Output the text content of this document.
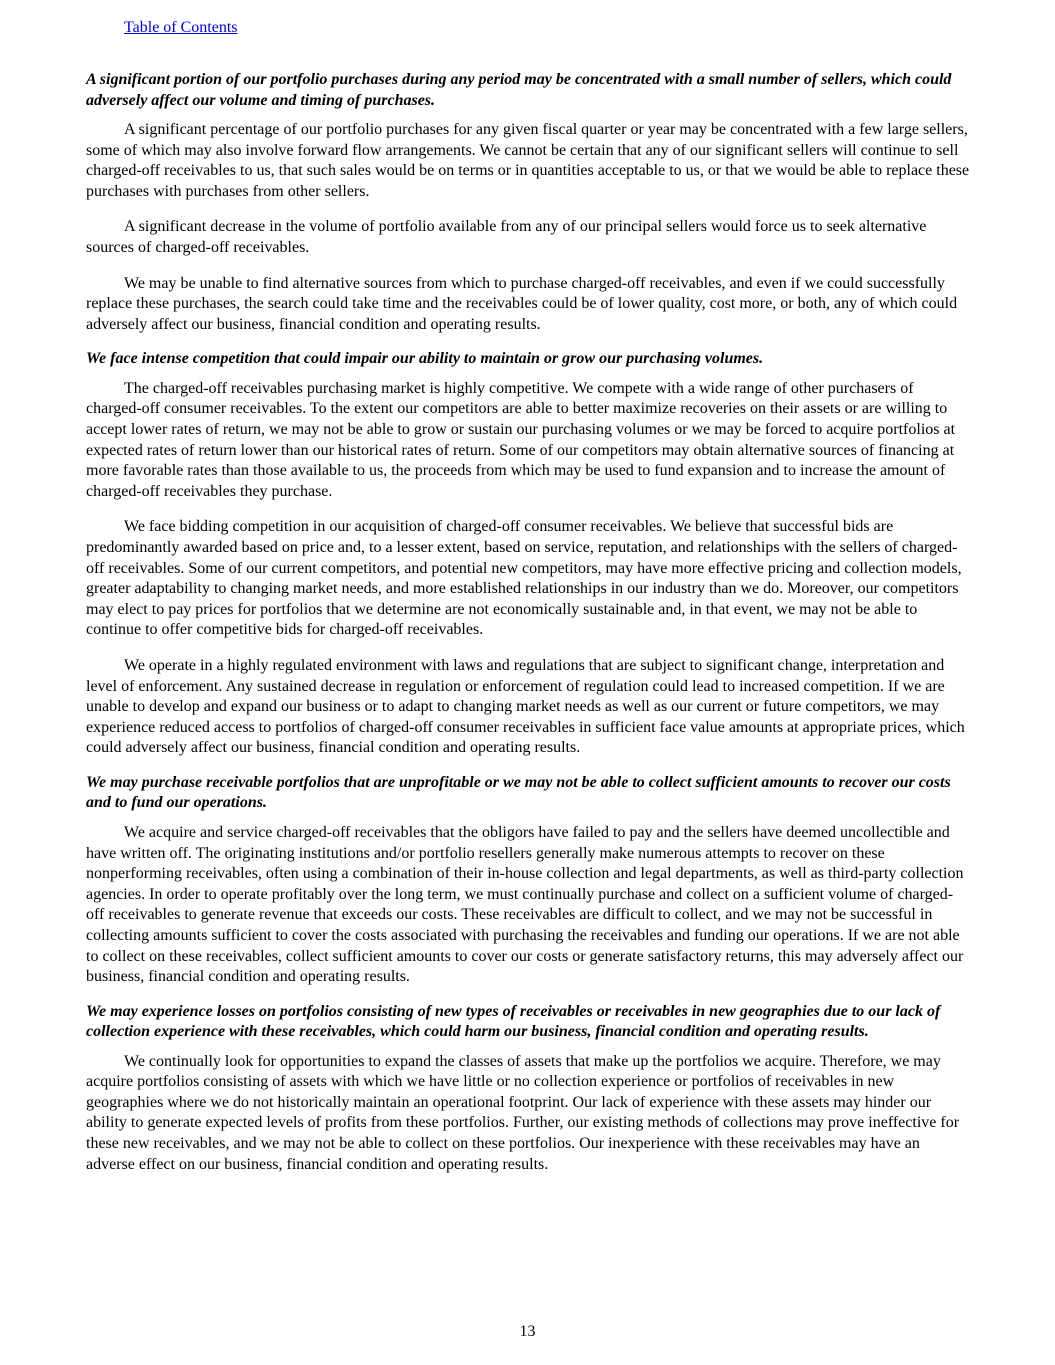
Table of Contents

A significant portion of our portfolio purchases during any period may be concentrated with a small number of sellers, which could adversely affect our volume and timing of purchases.

A significant percentage of our portfolio purchases for any given fiscal quarter or year may be concentrated with a few large sellers, some of which may also involve forward flow arrangements. We cannot be certain that any of our significant sellers will continue to sell charged-off receivables to us, that such sales would be on terms or in quantities acceptable to us, or that we would be able to replace these purchases with purchases from other sellers.

A significant decrease in the volume of portfolio available from any of our principal sellers would force us to seek alternative sources of charged-off receivables.

We may be unable to find alternative sources from which to purchase charged-off receivables, and even if we could successfully replace these purchases, the search could take time and the receivables could be of lower quality, cost more, or both, any of which could adversely affect our business, financial condition and operating results.

We face intense competition that could impair our ability to maintain or grow our purchasing volumes.

The charged-off receivables purchasing market is highly competitive. We compete with a wide range of other purchasers of charged-off consumer receivables. To the extent our competitors are able to better maximize recoveries on their assets or are willing to accept lower rates of return, we may not be able to grow or sustain our purchasing volumes or we may be forced to acquire portfolios at expected rates of return lower than our historical rates of return. Some of our competitors may obtain alternative sources of financing at more favorable rates than those available to us, the proceeds from which may be used to fund expansion and to increase the amount of charged-off receivables they purchase.

We face bidding competition in our acquisition of charged-off consumer receivables. We believe that successful bids are predominantly awarded based on price and, to a lesser extent, based on service, reputation, and relationships with the sellers of charged-off receivables. Some of our current competitors, and potential new competitors, may have more effective pricing and collection models, greater adaptability to changing market needs, and more established relationships in our industry than we do. Moreover, our competitors may elect to pay prices for portfolios that we determine are not economically sustainable and, in that event, we may not be able to continue to offer competitive bids for charged-off receivables.

We operate in a highly regulated environment with laws and regulations that are subject to significant change, interpretation and level of enforcement. Any sustained decrease in regulation or enforcement of regulation could lead to increased competition. If we are unable to develop and expand our business or to adapt to changing market needs as well as our current or future competitors, we may experience reduced access to portfolios of charged-off consumer receivables in sufficient face value amounts at appropriate prices, which could adversely affect our business, financial condition and operating results.

We may purchase receivable portfolios that are unprofitable or we may not be able to collect sufficient amounts to recover our costs and to fund our operations.

We acquire and service charged-off receivables that the obligors have failed to pay and the sellers have deemed uncollectible and have written off. The originating institutions and/or portfolio resellers generally make numerous attempts to recover on these nonperforming receivables, often using a combination of their in-house collection and legal departments, as well as third-party collection agencies. In order to operate profitably over the long term, we must continually purchase and collect on a sufficient volume of charged-off receivables to generate revenue that exceeds our costs. These receivables are difficult to collect, and we may not be successful in collecting amounts sufficient to cover the costs associated with purchasing the receivables and funding our operations. If we are not able to collect on these receivables, collect sufficient amounts to cover our costs or generate satisfactory returns, this may adversely affect our business, financial condition and operating results.

We may experience losses on portfolios consisting of new types of receivables or receivables in new geographies due to our lack of collection experience with these receivables, which could harm our business, financial condition and operating results.

We continually look for opportunities to expand the classes of assets that make up the portfolios we acquire. Therefore, we may acquire portfolios consisting of assets with which we have little or no collection experience or portfolios of receivables in new geographies where we do not historically maintain an operational footprint. Our lack of experience with these assets may hinder our ability to generate expected levels of profits from these portfolios. Further, our existing methods of collections may prove ineffective for these new receivables, and we may not be able to collect on these portfolios. Our inexperience with these receivables may have an adverse effect on our business, financial condition and operating results.

13
